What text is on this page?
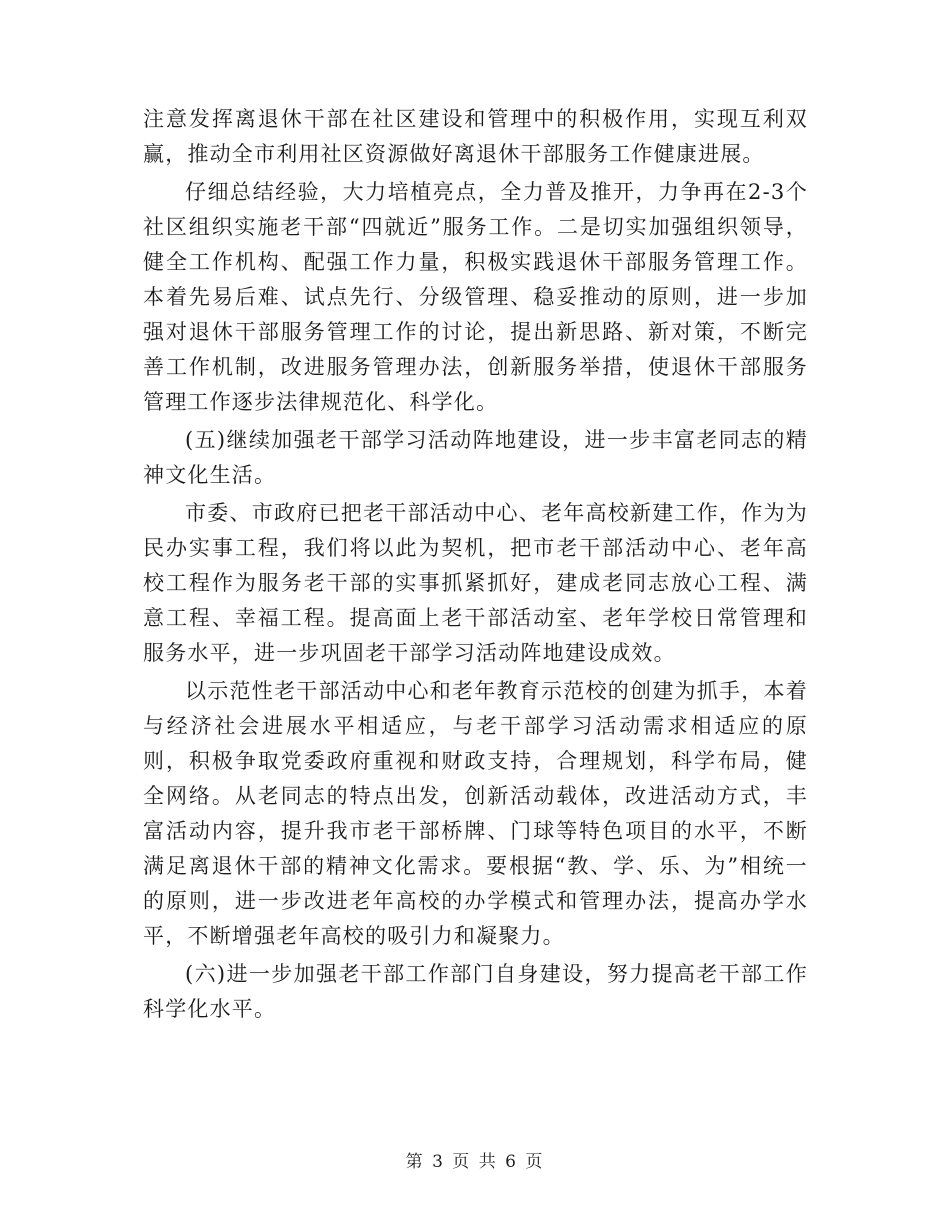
注意发挥离退休干部在社区建设和管理中的积极作用，实现互利双赢，推动全市利用社区资源做好离退休干部服务工作健康进展。

仔细总结经验，大力培植亮点，全力普及推开，力争再在2-3个社区组织实施老干部“四就近”服务工作。二是切实加强组织领导，健全工作机构、配强工作力量，积极实践退休干部服务管理工作。本着先易后难、试点先行、分级管理、稳妥推动的原则，进一步加强对退休干部服务管理工作的讨论，提出新思路、新对策，不断完善工作机制，改进服务管理办法，创新服务举措，使退休干部服务管理工作逐步法律规范化、科学化。

(五)继续加强老干部学习活动阵地建设，进一步丰富老同志的精神文化生活。

市委、市政府已把老干部活动中心、老年高校新建工作，作为为民办实事工程，我们将以此为契机，把市老干部活动中心、老年高校工程作为服务老干部的实事抓紧抓好，建成老同志放心工程、满意工程、幸福工程。提高面上老干部活动室、老年学校日常管理和服务水平，进一步巩固老干部学习活动阵地建设成效。

以示范性老干部活动中心和老年教育示范校的创建为抓手，本着与经济社会进展水平相适应，与老干部学习活动需求相适应的原则，积极争取党委政府重视和财政支持，合理规划，科学布局，健全网络。从老同志的特点出发，创新活动载体，改进活动方式，丰富活动内容，提升我市老干部桥牌、门球等特色项目的水平，不断满足离退休干部的精神文化需求。要根据“教、学、乐、为”相统一的原则，进一步改进老年高校的办学模式和管理办法，提高办学水平，不断增强老年高校的吸引力和凝聚力。

(六)进一步加强老干部工作部门自身建设，努力提高老干部工作科学化水平。

第 3 页 共 6 页
